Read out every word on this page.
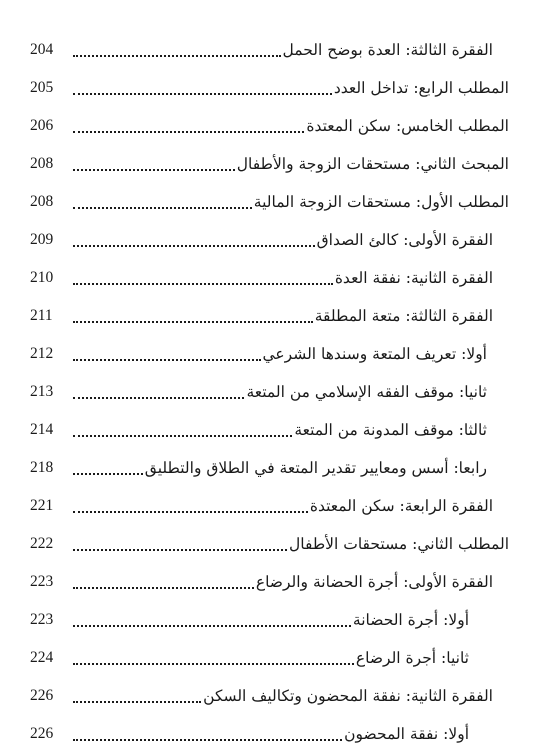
الفقرة الثالثة: العدة بوضح الحمل
204
المطلب الرابع: تداخل العدد
205
المطلب الخامس: سكن المعتدة
206
المبحث الثاني: مستحقات الزوجة والأطفال
208
المطلب الأول: مستحقات الزوجة المالية
208
الفقرة الأولى: كالئ الصداق
209
الفقرة الثانية: نفقة العدة
210
الفقرة الثالثة: متعة المطلقة
211
أولا: تعريف المتعة وسندها الشرعي
212
ثانيا: موقف الفقه الإسلامي من المتعة
213
ثالثا: موقف المدونة من المتعة
214
رابعا: أسس ومعايير تقدير المتعة في الطلاق والتطليق
218
الفقرة الرابعة: سكن المعتدة
221
المطلب الثاني: مستحقات الأطفال
222
الفقرة الأولى: أجرة الحضانة والرضاع
223
أولا: أجرة الحضانة
223
ثانيا: أجرة الرضاع
224
الفقرة الثانية: نفقة المحضون وتكاليف السكن
226
أولا: نفقة المحضون
226
